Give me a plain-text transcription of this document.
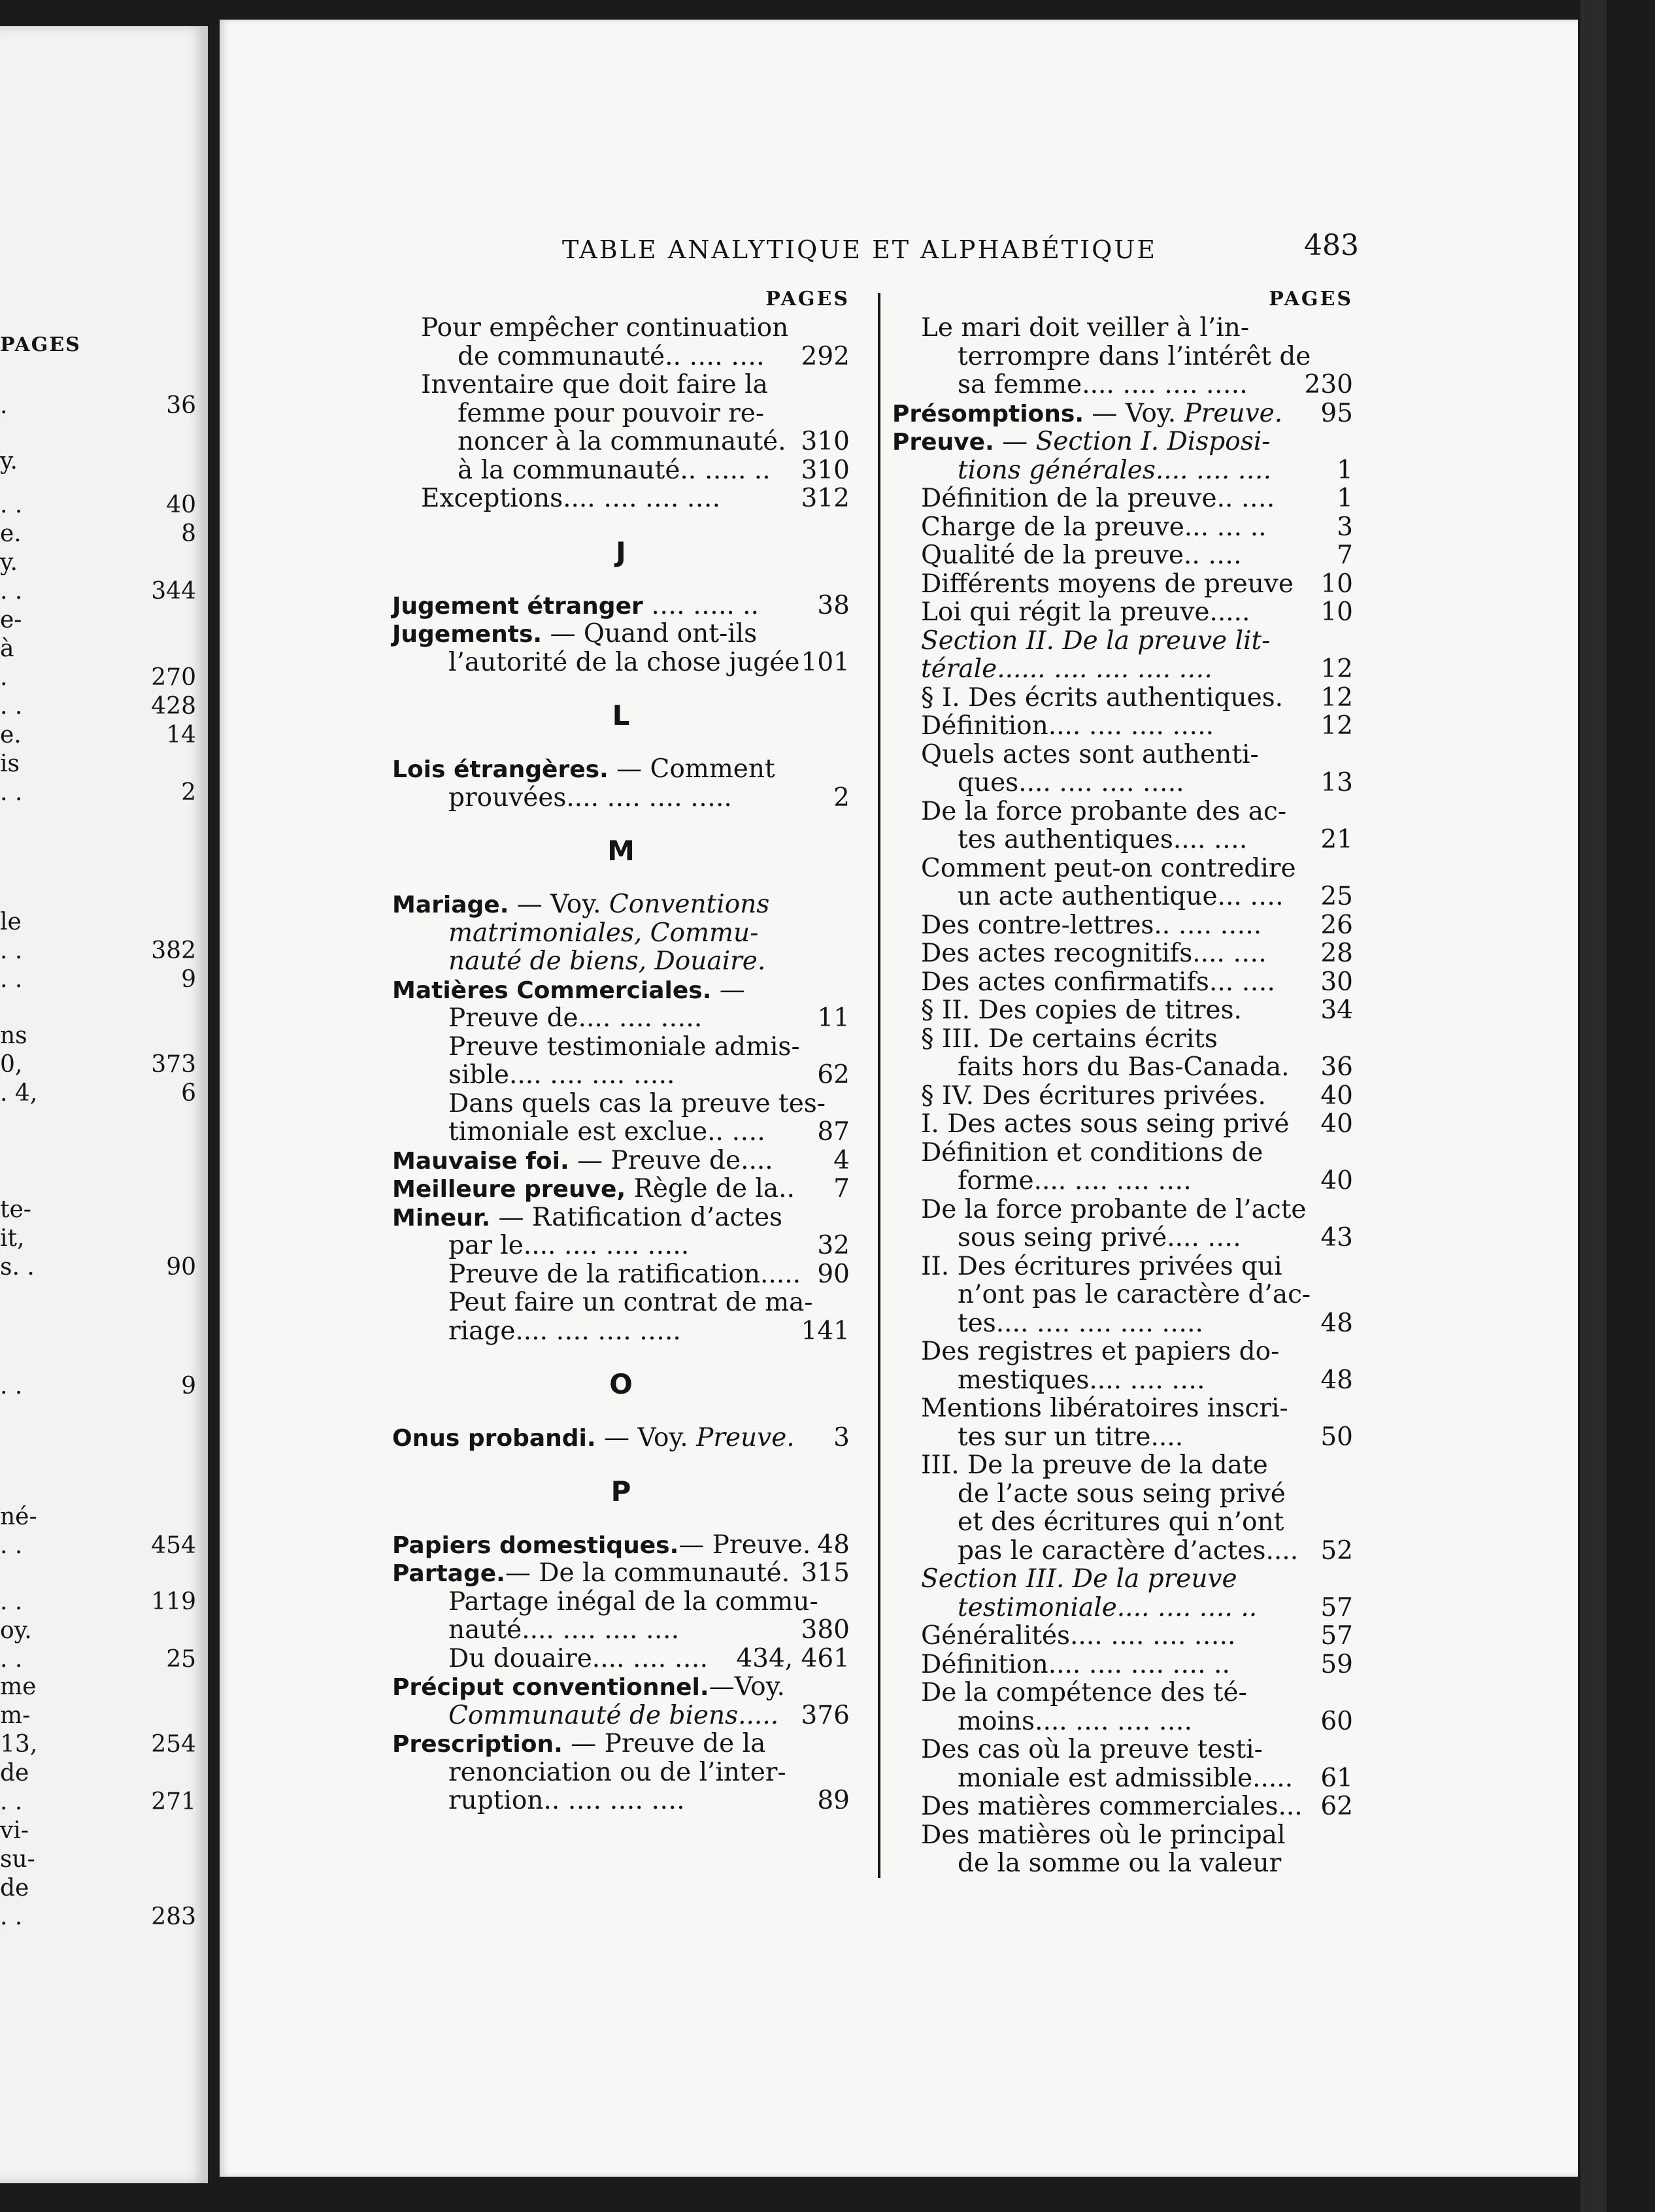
PAGES
.	36
y.
. .	40
e.	8
y.
. .	344
e-
à
.	270
. .	428
e.	14
is
. .	2
le
. .	382
. .	9
ns
0,	373
. 4,	6
te-
it,
s. .	90
. .	9
né-
. .	454
. .	119
oy.
. .	25
me
m-
13,	254
de
. .	271
vi-
su-
de
. .	283
TABLE ANALYTIQUE ET ALPHABÉTIQUE	483
PAGES
Pour empêcher continuation
de communauté.. …. …. 292
Inventaire que doit faire la
femme pour pouvoir re-
noncer à la communauté. 310
à la communauté.. ….. .. 310
Exceptions.... …. …. ….	312
J
Jugement étranger …. ….. .. 38
Jugements. — Quand ont-ils
l’autorité de la chose jugée 101
L
Lois étrangères. — Comment
prouvées.... …. …. …..	2
M
Mariage. — Voy. Conventions
matrimoniales, Commu-
nauté de biens, Douaire.
Matières Commerciales. —
Preuve de.... …. …..	11
Preuve testimoniale admis-
sible.... …. …. …..	62
Dans quels cas la preuve tes-
timoniale est exclue.. …. 87
Mauvaise foi. — Preuve de.... 4
Meilleure preuve, Règle de la.. 7
Mineur. — Ratification d’actes
par le.... …. …. …..	32
Preuve de la ratification..... 90
Peut faire un contrat de ma-
riage.... …. …. …..	141
O
Onus probandi. — Voy. Preuve. 3
P
Papiers domestiques.— Preuve. 48
Partage.— De la communauté. 315
Partage inégal de la commu-
nauté.... …. …. ….	380
Du douaire.... …. …. 434, 461
Préciput conventionnel.—Voy.
Communauté de biens..... 376
Prescription. — Preuve de la
renonciation ou de l’inter-
ruption.. …. …. ….	89
PAGES
Le mari doit veiller à l’in-
terrompre dans l’intérêt de
sa femme.... …. …. ….. 230
Présomptions. — Voy. Preuve. 95
Preuve. — Section I. Disposi-
tions générales.... …. ….	1
Définition de la preuve.. …. 1
Charge de la preuve... … ..	3
Qualité de la preuve.. ….	7
Différents moyens de preuve 10
Loi qui régit la preuve.....	10
Section II. De la preuve lit-
térale...... …. …. …. ….	12
§ I. Des écrits authentiques. 12
Définition.... …. …. …..	12
Quels actes sont authenti-
ques.... …. …. …..	13
De la force probante des ac-
tes authentiques.... ….	21
Comment peut-on contredire
un acte authentique... …. 25
Des contre-lettres.. …. ….. 26
Des actes recognitifs.... …. 28
Des actes confirmatifs... …. 30
§ II. Des copies de titres.	34
§ III. De certains écrits
faits hors du Bas-Canada. 36
§ IV. Des écritures privées. 40
I. Des actes sous seing privé 40
Définition et conditions de
forme.... …. …. ….	40
De la force probante de l’acte
sous seing privé.... ….	43
II. Des écritures privées qui
n’ont pas le caractère d’ac-
tes.... …. …. …. …..	48
Des registres et papiers do-
mestiques.... …. ….	48
Mentions libératoires inscri-
tes sur un titre....	50
III. De la preuve de la date
de l’acte sous seing privé
et des écritures qui n’ont
pas le caractère d’actes.... 52
Section III. De la preuve
testimoniale.... …. …. .. 57
Généralités.... …. …. …..	57
Définition.... …. …. …. ..	59
De la compétence des té-
moins.... …. …. ….	60
Des cas où la preuve testi-
moniale est admissible..... 61
Des matières commerciales... 62
Des matières où le principal
de la somme ou la valeur
